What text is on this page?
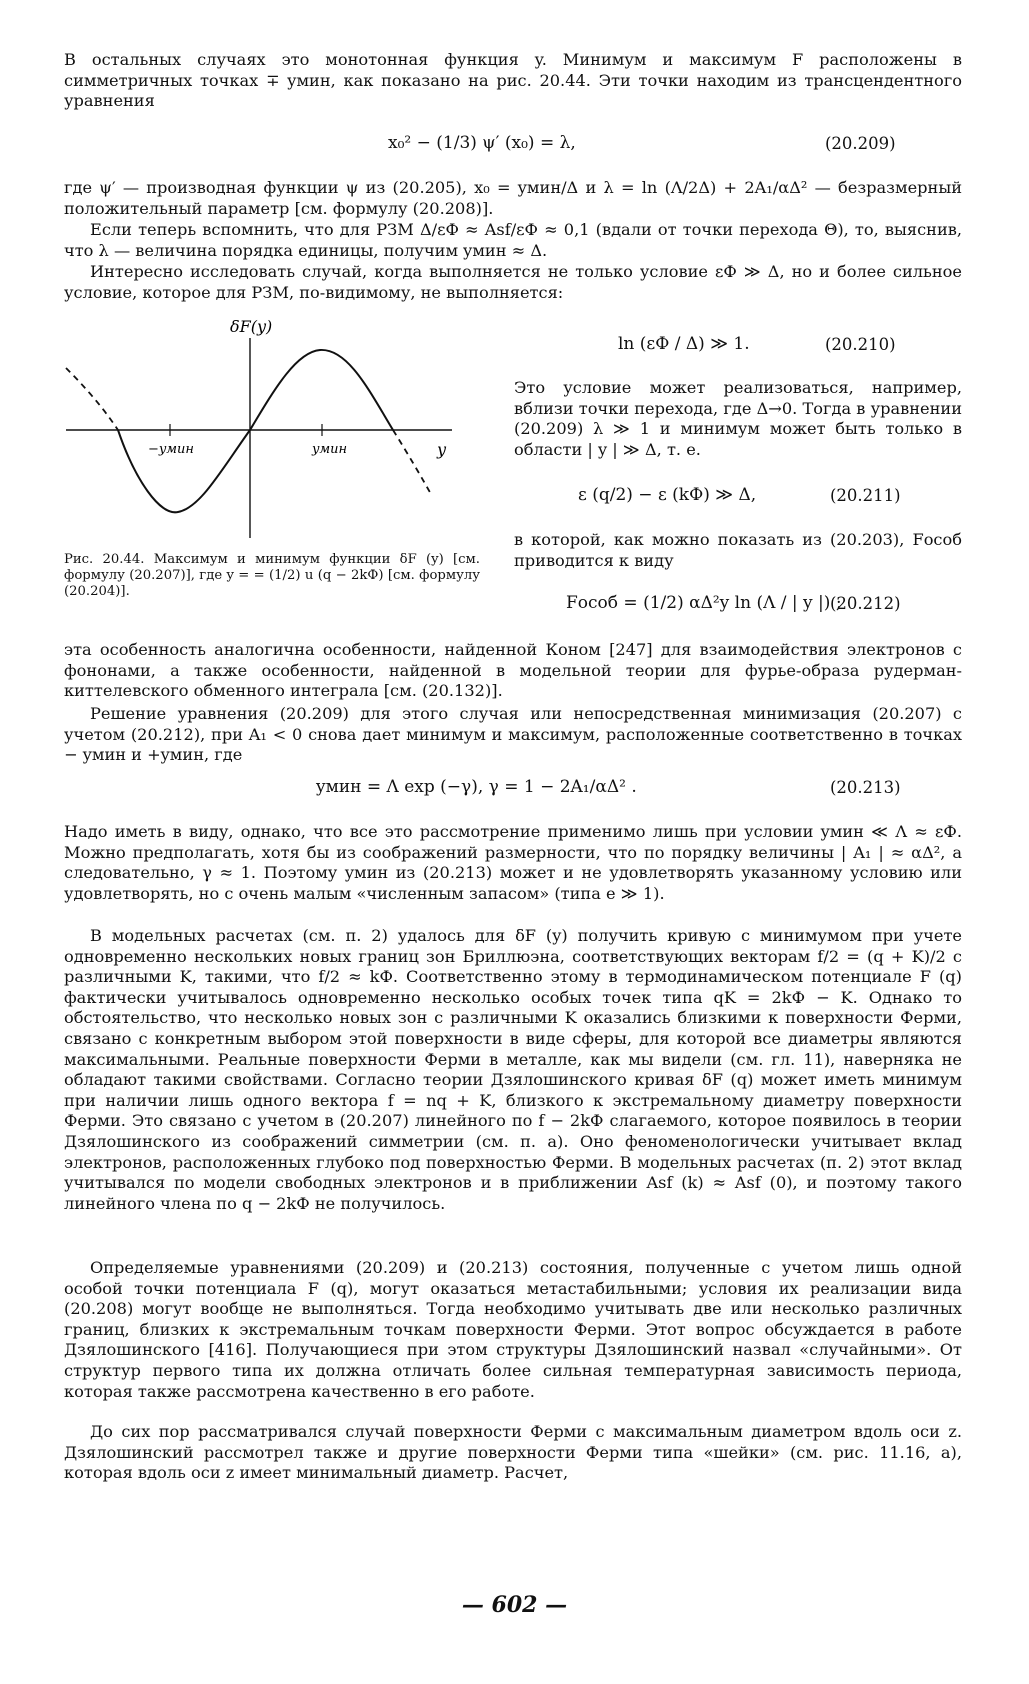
В остальных случаях это монотонная функция y. Минимум и максимум F расположены в симметричных точках ∓ yмин, как показано на рис. 20.44. Эти точки находим из трансцендентного уравнения

x₀² − (1/3) ψ′ (x₀) = λ,	(20.209)

где ψ′ — производная функции ψ из (20.205), x₀ = yмин/Δ и λ = ln (Λ/2Δ) + 2A₁/αΔ² — безразмерный положительный параметр [см. формулу (20.208)].

Если теперь вспомнить, что для РЗМ Δ/εФ ≈ Asf/εФ ≈ 0,1 (вдали от точки перехода Θ), то, выяснив, что λ — величина порядка единицы, получим yмин ≈ Δ.

Интересно исследовать случай, когда выполняется не только условие εФ ≫ Δ, но и более сильное условие, которое для РЗМ, по-видимому, не выполняется:

ln (εФ / Δ) ≫ 1.	(20.210)

Это условие может реализоваться, например, вблизи точки перехода, где Δ→0. Тогда в уравнении (20.209) λ ≫ 1 и минимум может быть только в области | y | ≫ Δ, т. е.

ε (q/2) − ε (kФ) ≫ Δ,	(20.211)

в которой, как можно показать из (20.203), Fособ приводится к виду

Fособ = (1/2) αΔ²y ln (Λ / | y |) ;
(20.212)
δF(y)
−yмин	yмин	y

Рис. 20.44. Максимум и минимум функции δF (y) [см. формулу (20.207)], где y = = (1/2) u (q − 2kФ) [см. формулу (20.204)].

эта особенность аналогична особенности, найденной Коном [247] для взаимодействия электронов с фононами, а также особенности, найденной в модельной теории для фурье-образа рудерман-киттелевского обменного интеграла [см. (20.132)].

Решение уравнения (20.209) для этого случая или непосредственная минимизация (20.207) с учетом (20.212), при A₁ < 0 снова дает минимум и максимум, расположенные соответственно в точках − yмин и +yмин, где

yмин = Λ exp (−γ), γ = 1 − 2A₁/αΔ² .	(20.213)

Надо иметь в виду, однако, что все это рассмотрение применимо лишь при условии yмин ≪ Λ ≈ εФ. Можно предполагать, хотя бы из соображений размерности, что по порядку величины | A₁ | ≈ αΔ², а следовательно, γ ≈ 1. Поэтому yмин из (20.213) может и не удовлетворять указанному условию или удовлетворять, но с очень малым «численным запасом» (типа e ≫ 1).

В модельных расчетах (см. п. 2) удалось для δF (y) получить кривую с минимумом при учете одновременно нескольких новых границ зон Бриллюэна, соответствующих векторам f/2 = (q + K)/2 с различными K, такими, что f/2 ≈ kФ. Соответственно этому в термодинамическом потенциале F (q) фактически учитывалось одновременно несколько особых точек типа qK = 2kФ − K. Однако то обстоятельство, что несколько новых зон с различными K оказались близкими к поверхности Ферми, связано с конкретным выбором этой поверхности в виде сферы, для которой все диаметры являются максимальными. Реальные поверхности Ферми в металле, как мы видели (см. гл. 11), наверняка не обладают такими свойствами. Согласно теории Дзялошинского кривая δF (q) может иметь минимум при наличии лишь одного вектора f = nq + K, близкого к экстремальному диаметру поверхности Ферми. Это связано с учетом в (20.207) линейного по f − 2kФ слагаемого, которое появилось в теории Дзялошинского из соображений симметрии (см. п. a). Оно феноменологически учитывает вклад электронов, расположенных глубоко под поверхностью Ферми. В модельных расчетах (п. 2) этот вклад учитывался по модели свободных электронов и в приближении Asf (k) ≈ Asf (0), и поэтому такого линейного члена по q − 2kФ не получилось.

Определяемые уравнениями (20.209) и (20.213) состояния, полученные с учетом лишь одной особой точки потенциала F (q), могут оказаться метастабильными; условия их реализации вида (20.208) могут вообще не выполняться. Тогда необходимо учитывать две или несколько различных границ, близких к экстремальным точкам поверхности Ферми. Этот вопрос обсуждается в работе Дзялошинского [416]. Получающиеся при этом структуры Дзялошинский назвал «случайными». От структур первого типа их должна отличать более сильная температурная зависимость периода, которая также рассмотрена качественно в его работе.

До сих пор рассматривался случай поверхности Ферми с максимальным диаметром вдоль оси z. Дзялошинский рассмотрел также и другие поверхности Ферми типа «шейки» (см. рис. 11.16, a), которая вдоль оси z имеет минимальный диаметр. Расчет,

— 602 —
